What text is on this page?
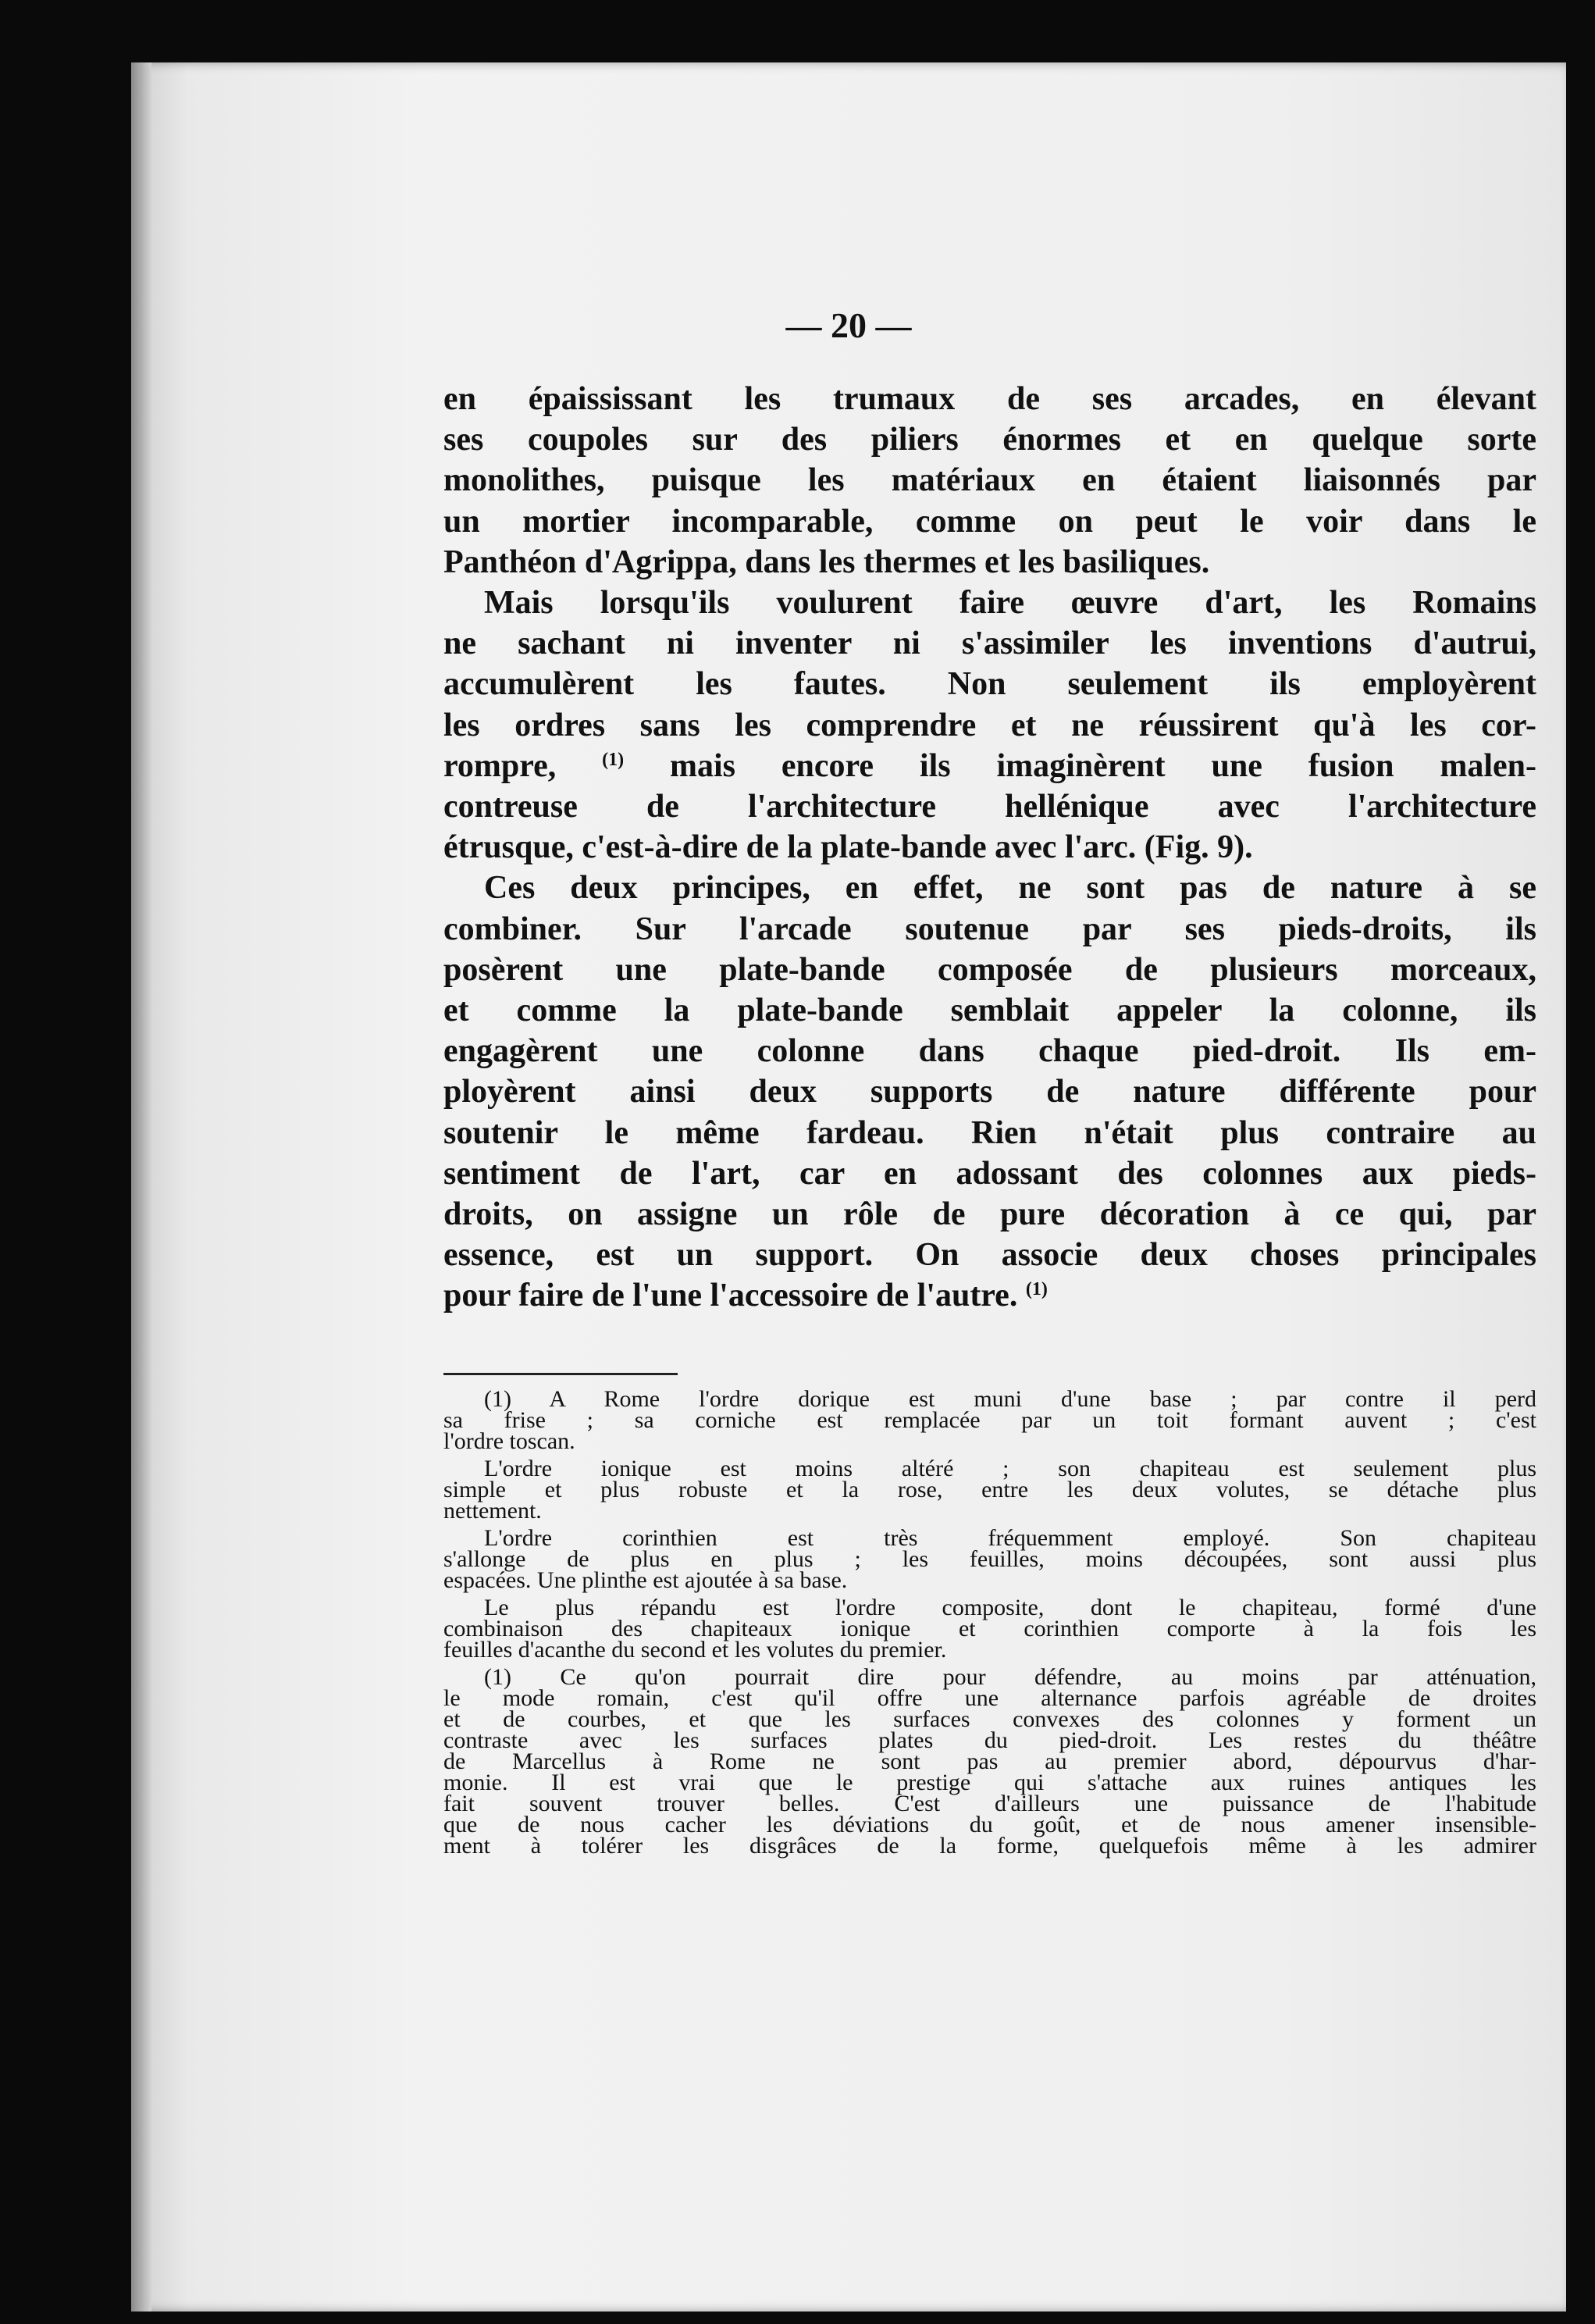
— 20 —
en épaississant les trumaux de ses arcades, en élevant
ses coupoles sur des piliers énormes et en quelque sorte
monolithes, puisque les matériaux en étaient liaisonnés par
un mortier incomparable, comme on peut le voir dans le
Panthéon d'Agrippa, dans les thermes et les basiliques.
Mais lorsqu'ils voulurent faire œuvre d'art, les Romains
ne sachant ni inventer ni s'assimiler les inventions d'autrui,
accumulèrent les fautes. Non seulement ils employèrent
les ordres sans les comprendre et ne réussirent qu'à les cor-
rompre, $^{(1)}$ mais encore ils imaginèrent une fusion malen-
contreuse de l'architecture hellénique avec l'architecture
étrusque, c'est-à-dire de la plate-bande avec l'arc. (Fig. 9).
Ces deux principes, en effet, ne sont pas de nature à se
combiner. Sur l'arcade soutenue par ses pieds-droits, ils
posèrent une plate-bande composée de plusieurs morceaux,
et comme la plate-bande semblait appeler la colonne, ils
engagèrent une colonne dans chaque pied-droit. Ils em-
ployèrent ainsi deux supports de nature différente pour
soutenir le même fardeau. Rien n'était plus contraire au
sentiment de l'art, car en adossant des colonnes aux pieds-
droits, on assigne un rôle de pure décoration à ce qui, par
essence, est un support. On associe deux choses principales
pour faire de l'une l'accessoire de l'autre. $^{(1)}$
(1) A Rome l'ordre dorique est muni d'une base ; par contre il perd
sa frise ; sa corniche est remplacée par un toit formant auvent ; c'est
l'ordre toscan.
L'ordre ionique est moins altéré ; son chapiteau est seulement plus
simple et plus robuste et la rose, entre les deux volutes, se détache plus
nettement.
L'ordre corinthien est très fréquemment employé. Son chapiteau
s'allonge de plus en plus ; les feuilles, moins découpées, sont aussi plus
espacées. Une plinthe est ajoutée à sa base.
Le plus répandu est l'ordre composite, dont le chapiteau, formé d'une
combinaison des chapiteaux ionique et corinthien comporte à la fois les
feuilles d'acanthe du second et les volutes du premier.
(1) Ce qu'on pourrait dire pour défendre, au moins par atténuation,
le mode romain, c'est qu'il offre une alternance parfois agréable de droites
et de courbes, et que les surfaces convexes des colonnes y forment un
contraste avec les surfaces plates du pied-droit. Les restes du théâtre
de Marcellus à Rome ne sont pas au premier abord, dépourvus d'har-
monie. Il est vrai que le prestige qui s'attache aux ruines antiques les
fait souvent trouver belles. C'est d'ailleurs une puissance de l'habitude
que de nous cacher les déviations du goût, et de nous amener insensible-
ment à tolérer les disgrâces de la forme, quelquefois même à les admirer
